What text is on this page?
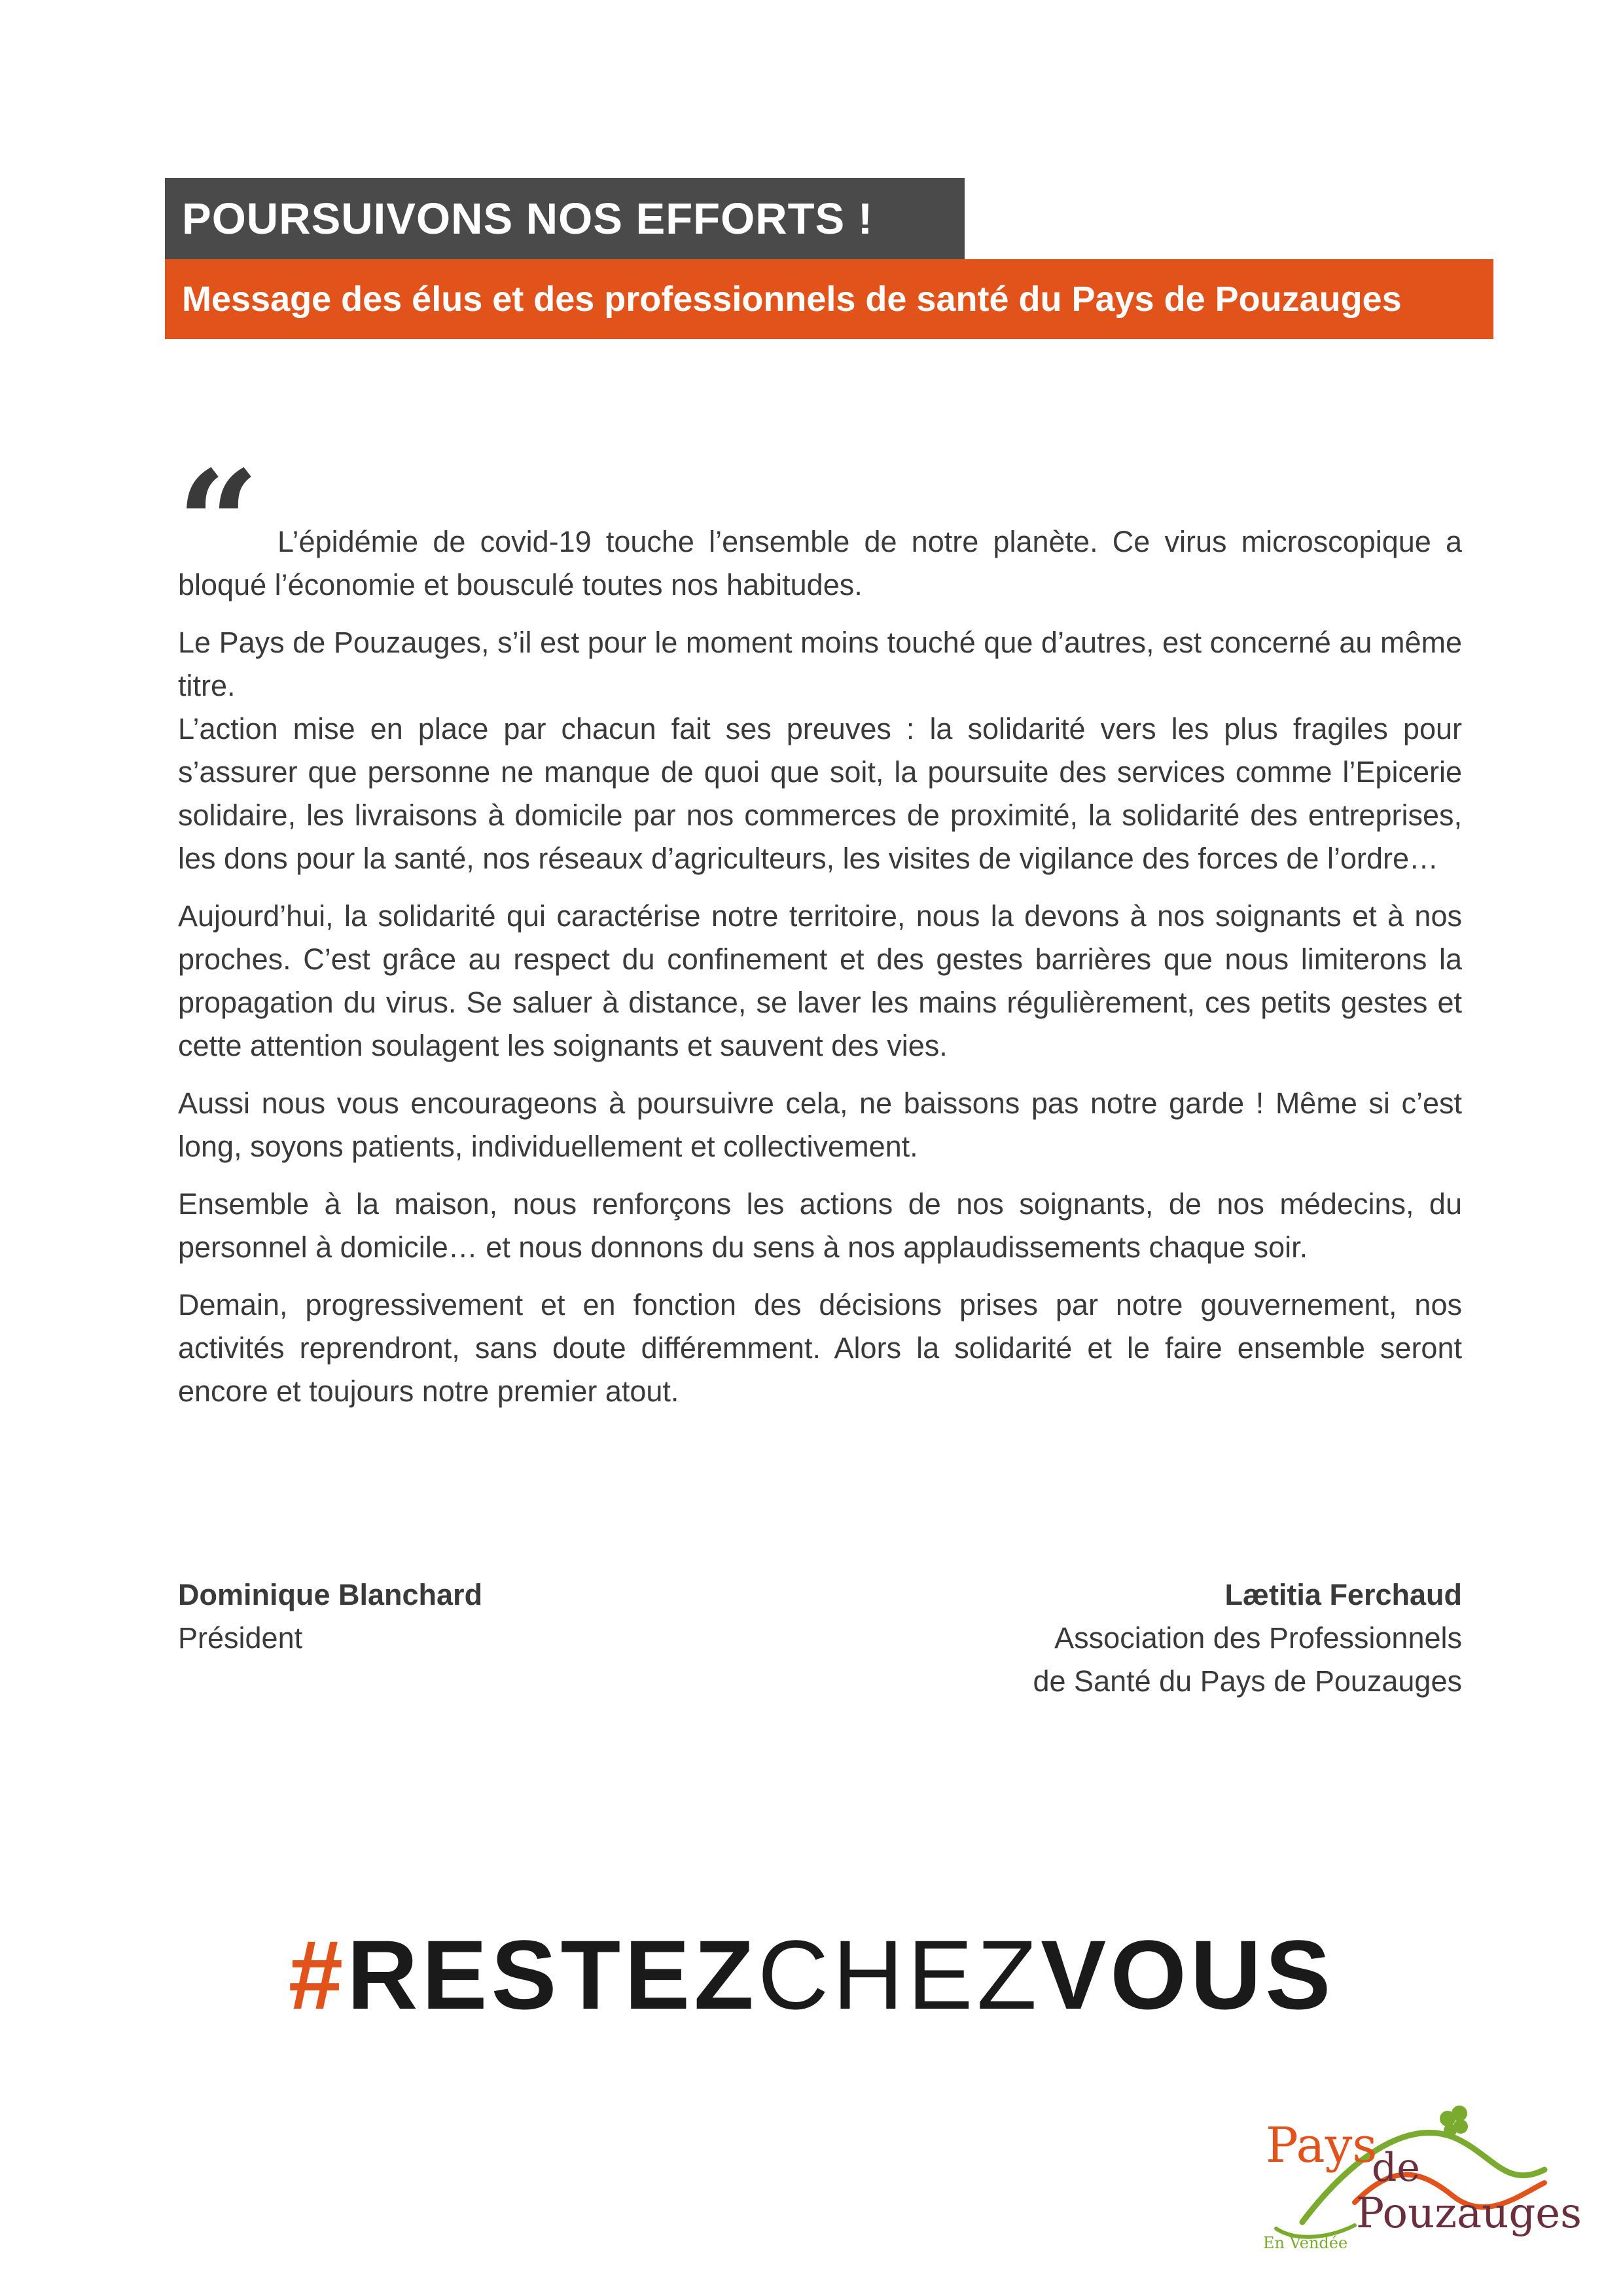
POURSUIVONS NOS EFFORTS !
Message des élus et des professionnels de santé du Pays de Pouzauges
“ L’épidémie de covid-19 touche l’ensemble de notre planète. Ce virus microscopique a bloqué l’économie et bousculé toutes nos habitudes.

Le Pays de Pouzauges, s’il est pour le moment moins touché que d’autres, est concerné au même titre.

L’action mise en place par chacun fait ses preuves : la solidarité vers les plus fragiles pour s’assurer que personne ne manque de quoi que soit, la poursuite des services comme l’Epicerie solidaire, les livraisons à domicile par nos commerces de proximité, la solidarité des entreprises, les dons pour la santé, nos réseaux d’agriculteurs, les visites de vigilance des forces de l’ordre…

Aujourd’hui, la solidarité qui caractérise notre territoire, nous la devons à nos soignants et à nos proches. C’est grâce au respect du confinement et des gestes barrières que nous limiterons la propagation du virus. Se saluer à distance, se laver les mains régulièrement, ces petits gestes et cette attention soulagent les soignants et sauvent des vies.

Aussi nous vous encourageons à poursuivre cela, ne baissons pas notre garde ! Même si c’est long, soyons patients, individuellement et collectivement.

Ensemble à la maison, nous renforçons les actions de nos soignants, de nos médecins, du personnel à domicile… et nous donnons du sens à nos applaudissements chaque soir.

Demain, progressivement et en fonction des décisions prises par notre gouvernement, nos activités reprendront, sans doute différemment. Alors la solidarité et le faire ensemble seront encore et toujours notre premier atout.

Dominique Blanchard
Président
Lætitia Ferchaud
Association des Professionnels
de Santé du Pays de Pouzauges
#RESTEZCHEZVOUS
Pays
de
Pouzauges
En Vendée
